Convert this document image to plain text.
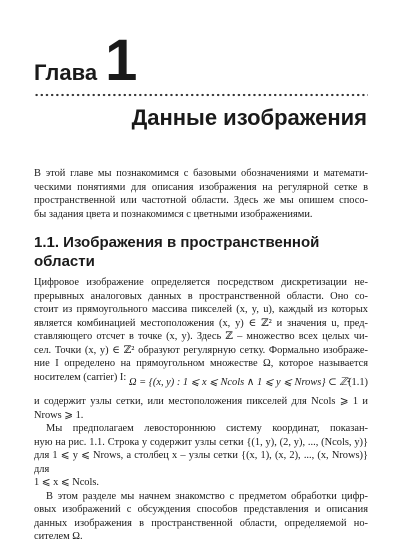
Глава 1
Данные изображения
В этой главе мы познакомимся с базовыми обозначениями и математи-
ческими понятиями для описания изображения на регулярной сетке в
пространственной или частотной области. Здесь же мы опишем спосо-
бы задания цвета и познакомимся с цветными изображениями.
1.1. Изображения в пространственной области
Цифровое изображение определяется посредством дискретизации не-
прерывных аналоговых данных в пространственной области. Оно со-
стоит из прямоугольного массива пикселей (x, y, u), каждый из которых
является комбинацией местоположения (x, y) ∈ ℤ² и значения u, пред-
ставляющего отсчет в точке (x, y). Здесь ℤ – множество всех целых чи-
сел. Точки (x, y) ∈ ℤ² образуют регулярную сетку. Формально изображе-
ние I определено на прямоугольном множестве Ω, которое называется
носителем (carrier) I: Ω = {(x, y) : 1 ⩽ x ⩽ Ncols ∧ 1 ⩽ y ⩽ Nrows} ⊂ ℤ²
(1.1)
и содержит узлы сетки, или местоположения пикселей для Ncols ⩾ 1 и
Nrows ⩾ 1.
Мы предполагаем левостороннюю систему координат, показан-
ную на рис. 1.1. Строка y содержит узлы сетки {(1, y), (2, y), ..., (Ncols, y)}
для 1 ⩽ y ⩽ Nrows, а столбец x – узлы сетки {(x, 1), (x, 2), ..., (x, Nrows)} для
1 ⩽ x ⩽ Ncols.
В этом разделе мы начнем знакомство с предметом обработки цифр-
овых изображений с обсуждения способов представления и описания
данных изображения в пространственной области, определяемой но-
сителем Ω.
